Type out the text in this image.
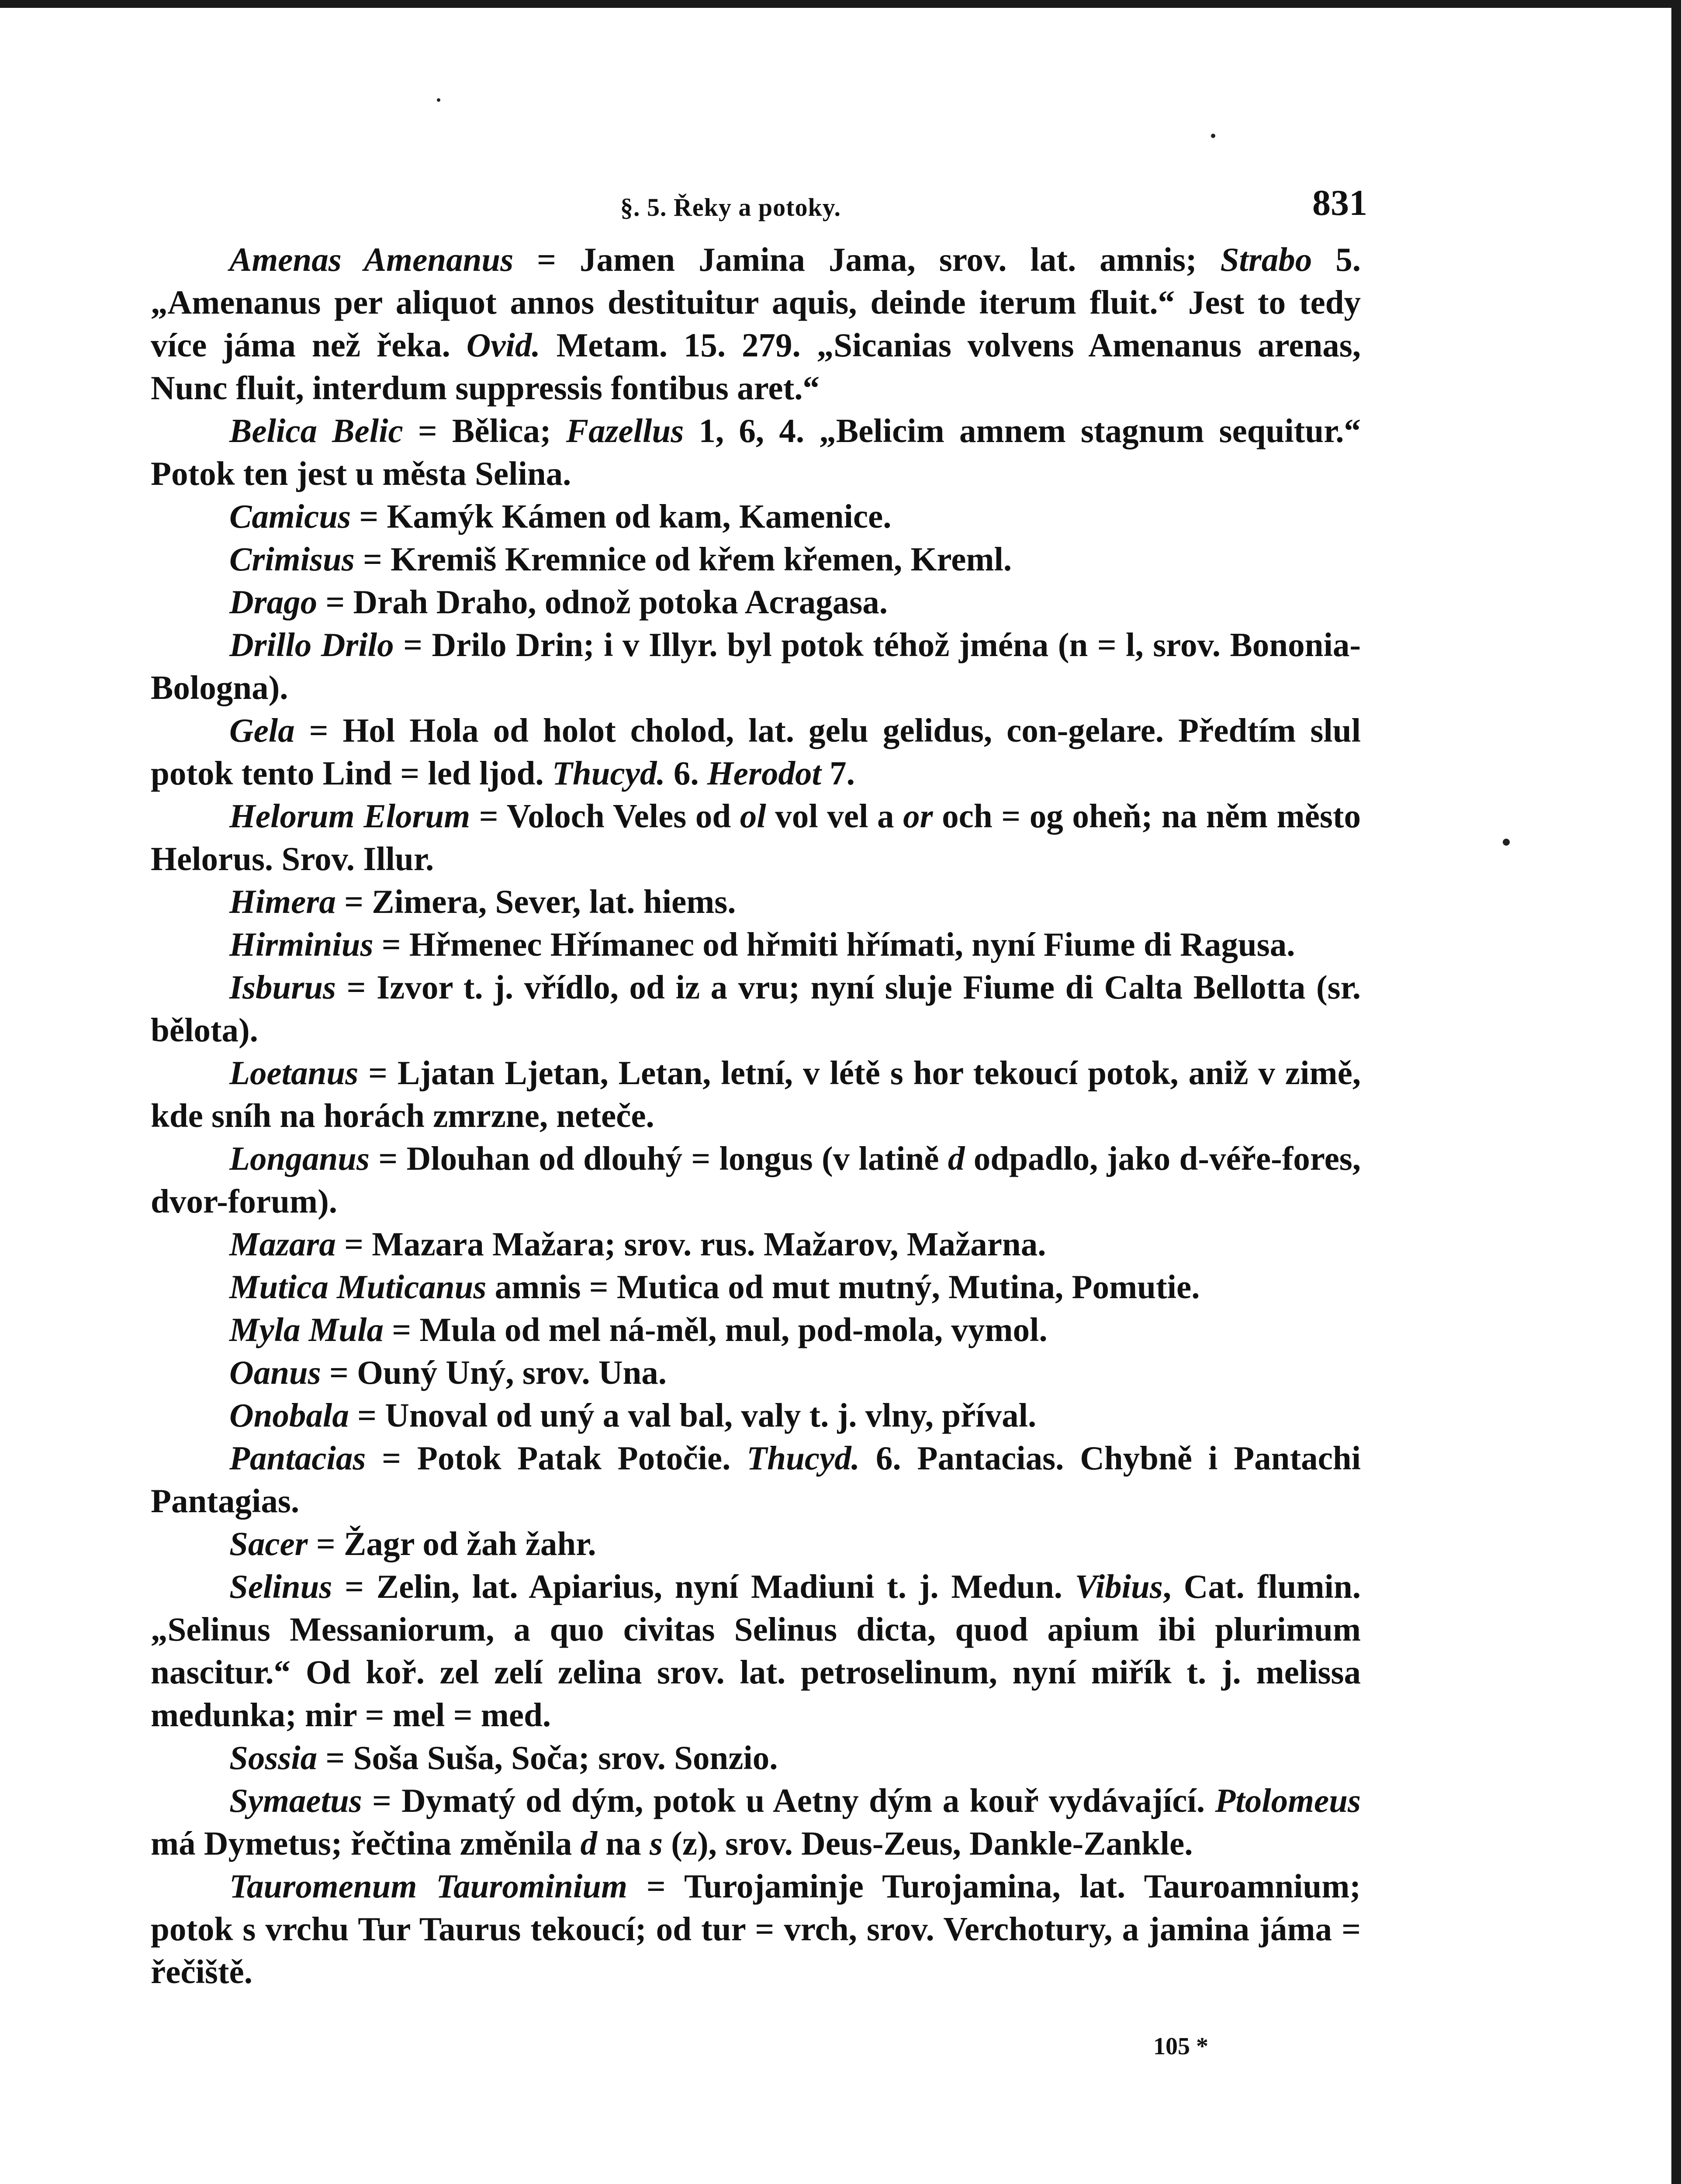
§. 5. Řeky a potoky.	831

Amenas Amenanus = Jamen Jamina Jama, srov. lat. amnis; Strabo 5. „Amenanus per aliquot annos destituitur aquis, deinde iterum fluit.“ Jest to tedy více jáma než řeka. Ovid. Metam. 15. 279. „Sicanias volvens Amenanus arenas, Nunc fluit, interdum suppressis fontibus aret.“

Belica Belic = Bělica; Fazellus 1, 6, 4. „Belicim amnem stagnum sequitur.“ Potok ten jest u města Selina.

Camicus = Kamýk Kámen od kam, Kamenice.

Crimisus = Kremiš Kremnice od křem křemen, Kreml.

Drago = Drah Draho, odnož potoka Acragasa.

Drillo Drilo = Drilo Drin; i v Illyr. byl potok téhož jména (n = l, srov. Bononia-Bologna).

Gela = Hol Hola od holot cholod, lat. gelu gelidus, con-gelare. Předtím slul potok tento Lind = led ljod. Thucyd. 6. Herodot 7.

Helorum Elorum = Voloch Veles od ol vol vel a or och = og oheň; na něm město Helorus. Srov. Illur.

Himera = Zimera, Sever, lat. hiems.

Hirminius = Hřmenec Hřímanec od hřmiti hřímati, nyní Fiume di Ragusa.

Isburus = Izvor t. j. vřídlo, od iz a vru; nyní sluje Fiume di Calta Bellotta (sr. bělota).

Loetanus = Ljatan Ljetan, Letan, letní, v létě s hor tekoucí potok, aniž v zimě, kde sníh na horách zmrzne, neteče.

Longanus = Dlouhan od dlouhý = longus (v latině d odpadlo, jako d-véře-fores, dvor-forum).

Mazara = Mazara Mažara; srov. rus. Mažarov, Mažarna.

Mutica Muticanus amnis = Mutica od mut mutný, Mutina, Pomutie.

Myla Mula = Mula od mel ná-měl, mul, pod-mola, vymol.

Oanus = Ouný Uný, srov. Una.

Onobala = Unoval od uný a val bal, valy t. j. vlny, příval.

Pantacias = Potok Patak Potočie. Thucyd. 6. Pantacias. Chybně i Pantachi Pantagias.

Sacer = Žagr od žah žahr.

Selinus = Zelin, lat. Apiarius, nyní Madiuni t. j. Medun. Vibius, Cat. flumin. „Selinus Messaniorum, a quo civitas Selinus dicta, quod apium ibi plurimum nascitur.“ Od koř. zel zelí zelina srov. lat. petroselinum, nyní miřík t. j. melissa medunka; mir = mel = med.

Sossia = Soša Suša, Soča; srov. Sonzio.

Symaetus = Dymatý od dým, potok u Aetny dým a kouř vydávající. Ptolomeus má Dymetus; řečtina změnila d na s (z), srov. Deus-Zeus, Dankle-Zankle.

Tauromenum Taurominium = Turojaminje Turojamina, lat. Tauroamnium; potok s vrchu Tur Taurus tekoucí; od tur = vrch, srov. Verchotury, a jamina jáma = řečiště.

105 *
